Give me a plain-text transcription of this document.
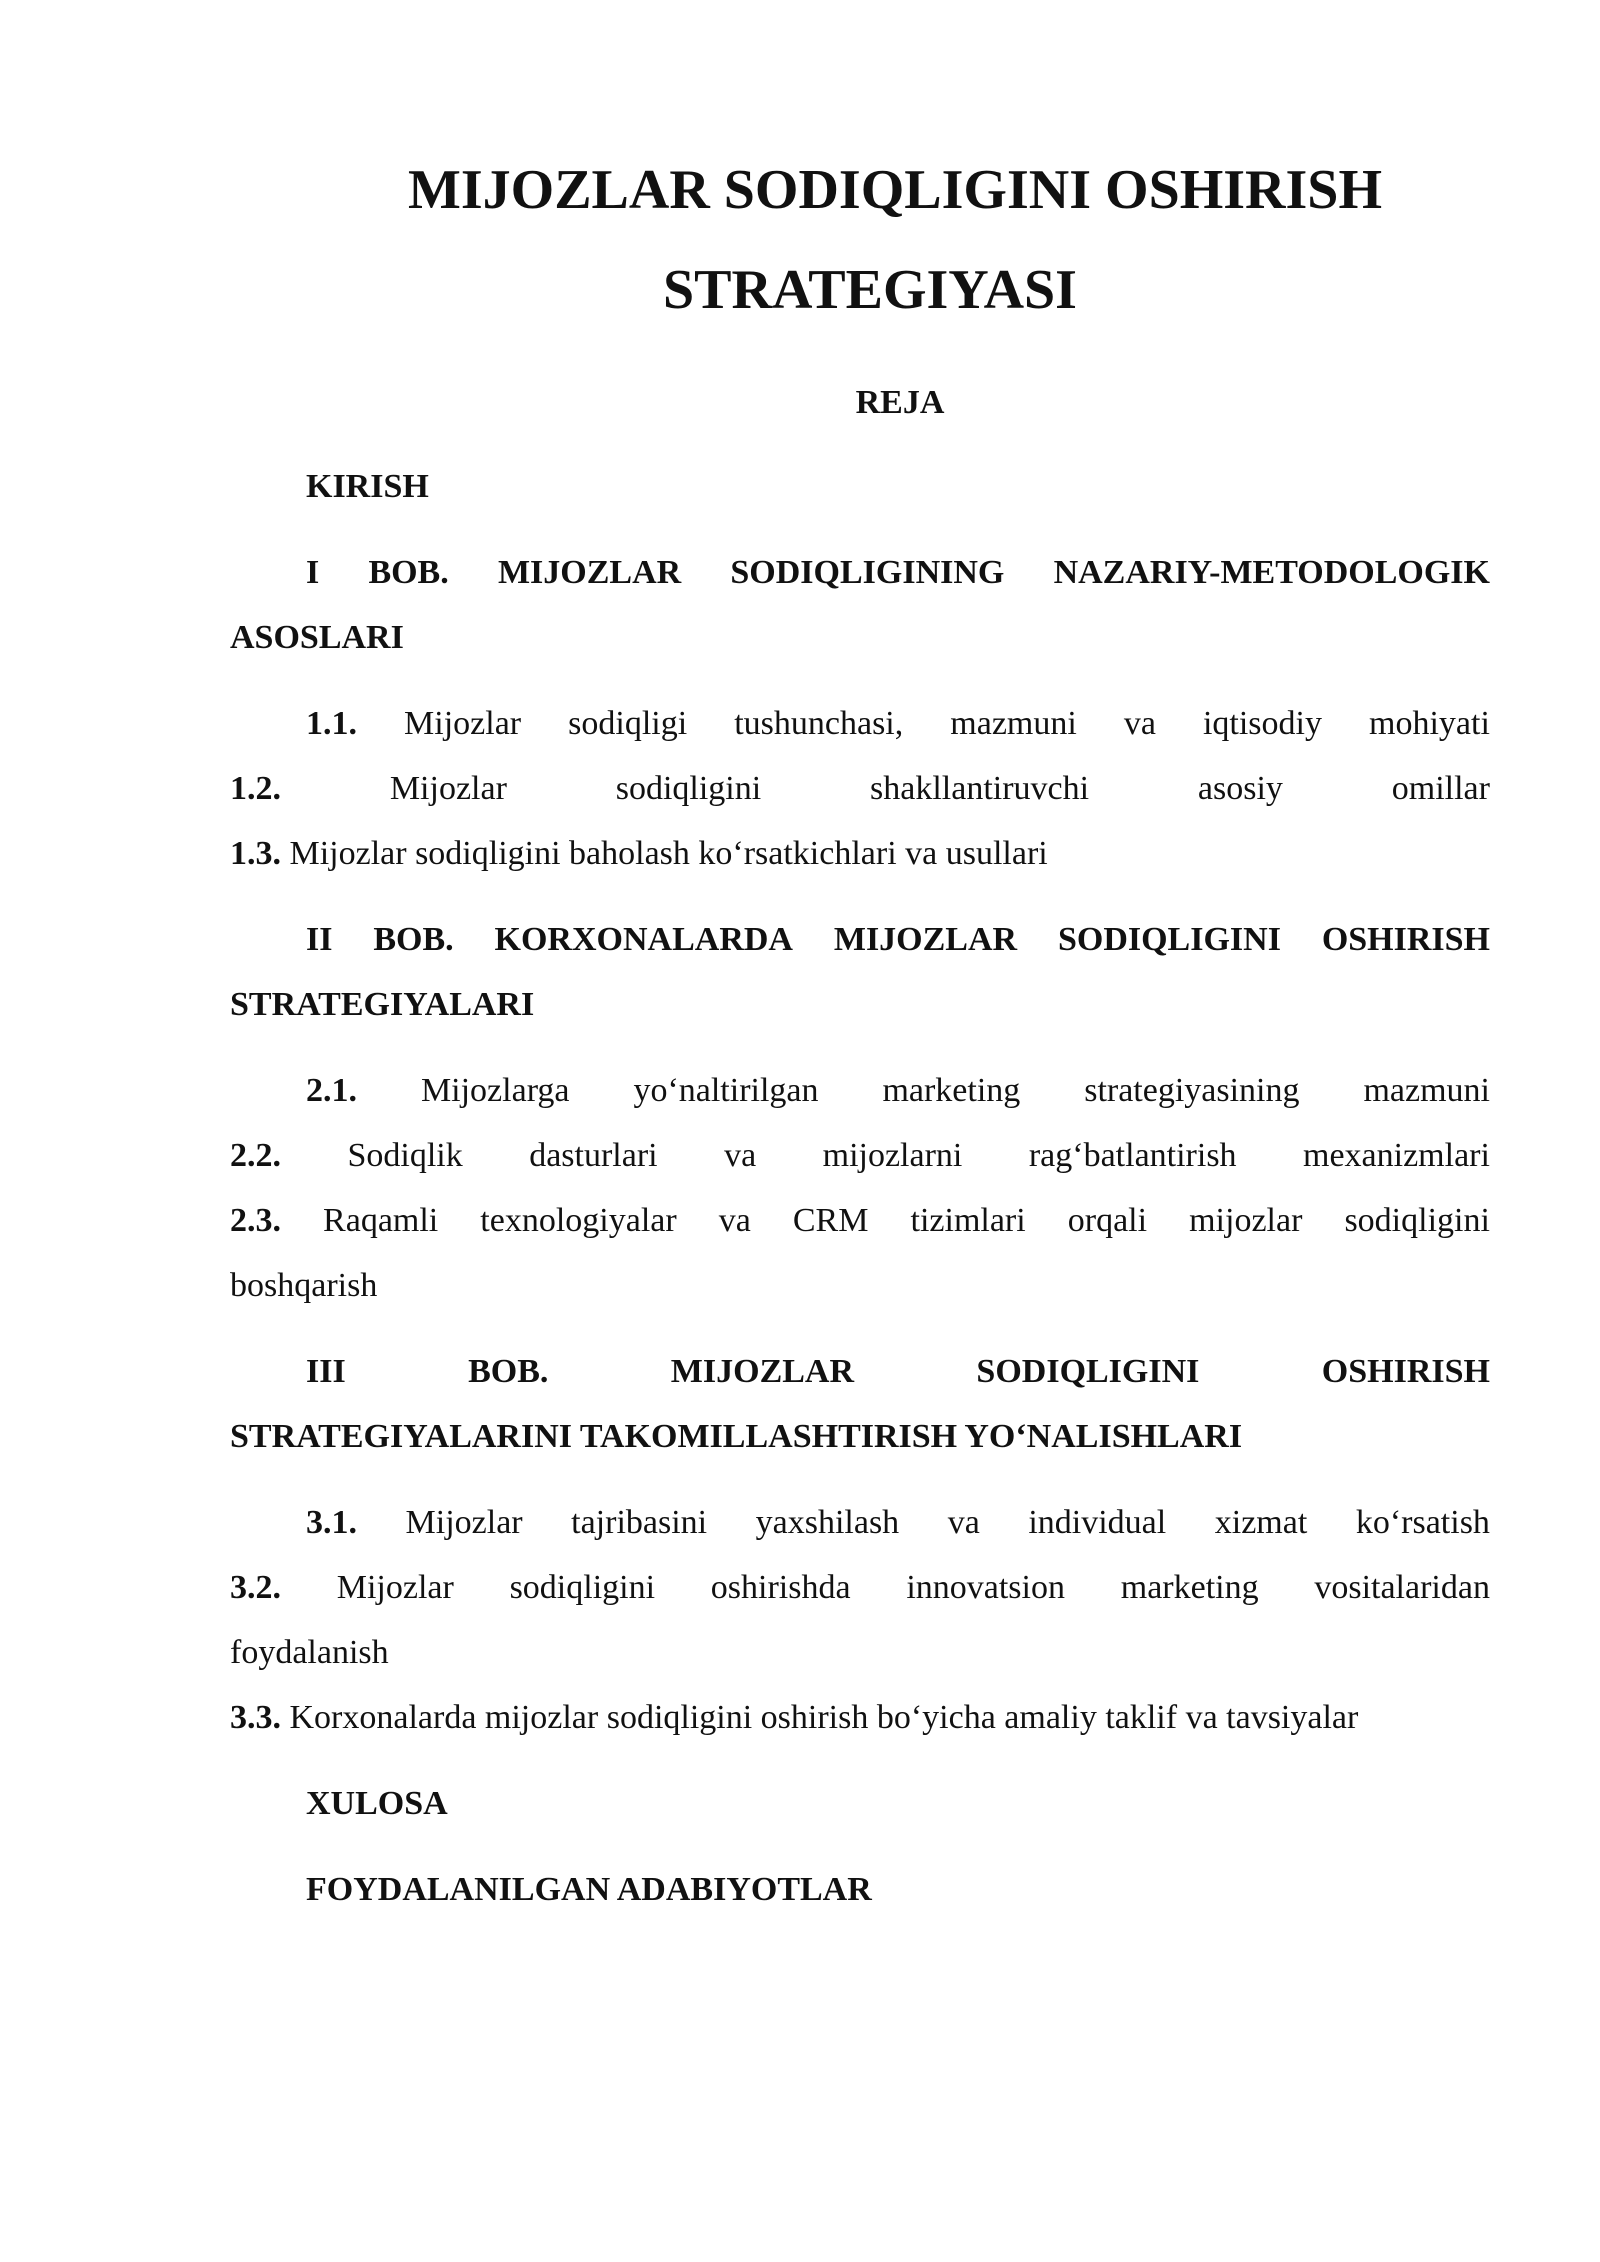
MIJOZLAR SODIQLIGINI OSHIRISH
STRATEGIYASI
REJA
KIRISH
I BOB. MIJOZLAR SODIQLIGINING NAZARIY-METODOLOGIK
ASOSLARI
1.1. Mijozlar sodiqligi tushunchasi, mazmuni va iqtisodiy mohiyati
1.2.	Mijozlar	sodiqligini	shakllantiruvchi	asosiy	omillar
1.3. Mijozlar sodiqligini baholash ko‘rsatkichlari va usullari
II BOB. KORXONALARDA MIJOZLAR SODIQLIGINI OSHIRISH
STRATEGIYALARI
2.1. Mijozlarga yo‘naltirilgan marketing strategiyasining mazmuni
2.2. Sodiqlik dasturlari va mijozlarni rag‘batlantirish mexanizmlari
2.3. Raqamli texnologiyalar va CRM tizimlari orqali mijozlar sodiqligini
boshqarish
III	BOB.	MIJOZLAR	SODIQLIGINI	OSHIRISH
STRATEGIYALARINI TAKOMILLASHTIRISH YO‘NALISHLARI
3.1. Mijozlar tajribasini yaxshilash va individual xizmat ko‘rsatish
3.2. Mijozlar sodiqligini oshirishda innovatsion marketing vositalaridan
foydalanish
3.3. Korxonalarda mijozlar sodiqligini oshirish bo‘yicha amaliy taklif va tavsiyalar
XULOSA
FOYDALANILGAN ADABIYOTLAR
